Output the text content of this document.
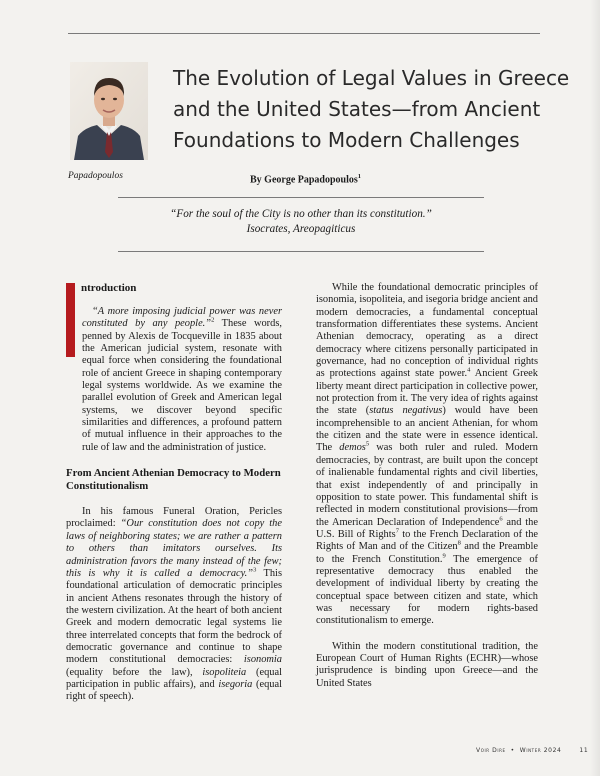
Papadopoulos
The Evolution of Legal Values in Greece
and the United States—from Ancient
Foundations to Modern Challenges
By George Papadopoulos$^1$
“For the soul of the City is no other than its constitution.”
Isocrates, Areopagiticus
ntroduction

“A more imposing judicial power was never constituted by any people.”$^2$ These words, penned by Alexis de Tocqueville in 1835 about the American judicial system, resonate with equal force when considering the foundational role of ancient Greece in shaping contemporary legal systems worldwide. As we examine the parallel evolution of Greek and American legal systems, we discover beyond specific similarities and differences, a profound pattern of mutual influence in their approaches to the rule of law and the administration of justice.

From Ancient Athenian Democracy to Modern Constitutionalism

In his famous Funeral Oration, Pericles proclaimed: “Our constitution does not copy the laws of neighboring states; we are rather a pattern to others than imitators ourselves. Its administration favors the many instead of the few; this is why it is called a democracy.”$^3$ This foundational articulation of democratic principles in ancient Athens resonates through the history of the western civilization. At the heart of both ancient Greek and modern democratic legal systems lie three interrelated concepts that form the bedrock of democratic governance and continue to shape modern constitutional democracies: isonomia (equality before the law), isopoliteia (equal participation in public affairs), and isegoria (equal right of speech).

While the foundational democratic principles of isonomia, isopoliteia, and isegoria bridge ancient and modern democracies, a fundamental conceptual transformation differentiates these systems. Ancient Athenian democracy, operating as a direct democracy where citizens personally participated in governance, had no conception of individual rights as protections against state power.$^4$ Ancient Greek liberty meant direct participation in collective power, not protection from it. The very idea of rights against the state (status negativus) would have been incomprehensible to an ancient Athenian, for whom the citizen and the state were in essence identical. The demos$^5$ was both ruler and ruled. Modern democracies, by contrast, are built upon the concept of inalienable fundamental rights and civil liberties, that exist independently of and principally in opposition to state power. This fundamental shift is reflected in modern constitutional provisions—from the American Declaration of Independence$^6$ and the U.S. Bill of Rights$^7$ to the French Declaration of the Rights of Man and of the Citizen$^8$ and the Preamble to the French Constitution.$^9$ The emergence of representative democracy thus enabled the development of individual liberty by creating the conceptual space between citizen and state, which was necessary for modern rights-based constitutionalism to emerge.

Within the modern constitutional tradition, the European Court of Human Rights (ECHR)—whose jurisprudence is binding upon Greece—and the United States

Voir Dire • Winter 2024	11
